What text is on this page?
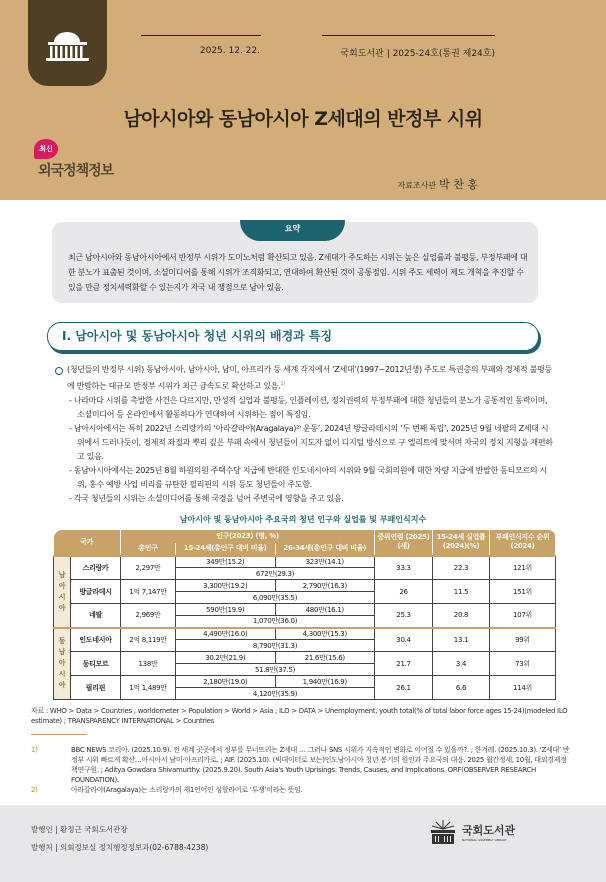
2025. 12. 22.	국회도서관 | 2025-24호(통권 제24호)
남아시아와 동남아시아 Z세대의 반정부 시위
최신
외국정책정보
자료조사관 박 찬 홍
최근 남아시아와 동남아시아에서 반정부 시위가 도미노처럼 확산되고 있음. Z세대가 주도하는 시위는 높은 실업률과 불평등, 부정부패에 대한 분노가 표출된 것이며, 소셜미디어를 통해 시위가 조직화되고, 연대하여 확산된 것이 공통점임. 시위 주도 세력이 제도 개혁을 추진할 수 있을 만큼 정치세력화할 수 있는지가 자국 내 쟁점으로 남아 있음.
요약
Ⅰ. 남아시아 및 동남아시아 청년 시위의 배경과 특징
(청년들의 반정부 시위) 동남아시아, 남아시아, 남미, 아프리카 등 세계 각지에서 ‘Z세대’(1997~2012년생) 주도로 특권층의 부패와 경제적 불평등에 반발하는 대규모 반정부 시위가 최근 급속도로 확산하고 있음.$^{1)}$
- 나라마다 시위를 촉발한 사건은 다르지만, 만성적 실업과 불평등, 인플레이션, 정치권력의 부정부패에 대한 청년들의 분노가 공통적인 동력이며, 소셜미디어 등 온라인에서 활동하다가 연대하여 시위하는 점이 특징임.
- 남아시아에서는 특히 2022년 스리랑카의 ‘아라갈라야(Aragalaya)²⁾ 운동’, 2024년 방글라데시의 ‘두 번째 독립’, 2025년 9월 네팔의 Z세대 시위에서 드러나듯이, 경제적 좌절과 뿌리 깊은 부패 속에서 청년들이 지도자 없이 디지털 방식으로 구 엘리트에 맞서며 자국의 정치 지형을 재편하고 있음.
- 동남아시아에서는 2025년 8월 하원의원 주택수당 지급에 반대한 인도네시아의 시위와 9월 국회의원에 대한 차량 지급에 반발한 동티모르의 시위, 홍수 예방 사업 비리를 규탄한 필리핀의 시위 등도 청년들이 주도함.
- 각국 청년들의 시위는 소셜미디어를 통해 국경을 넘어 주변국에 영향을 주고 있음.
남아시아 및 동남아시아 주요국의 청년 인구와 실업률 및 부패인식지수
국가		인구(2023) (명, %)			중위연령 (2025)(세)	15-24세 실업률 (2024)(%)	부패인식지수 순위(2024)
		총인구	15-24세(총인구 대비 비율)	26-34세(총인구 대비 비율)			

남
아
시
아	스리랑카	2,297만	349만(15.2)	323만(14.1)	33.3	22.3	121위
			672만(29.3)				
	방글라데시	1억 7,147만	3,300만(19.2)	2,790만(16.3)	26	11.5	151위
			6,090만(35.5)				
	네팔	2,969만	590만(19.9)	480만(16.1)	25.3	20.8	107위
			1,070만(36.0)				

동
남
아
시
아	인도네시아	2억 8,119만	4,490만(16.0)	4,300만(15.3)	30.4	13.1	99위
			8,790만(31.3)				
	동티모르	138만	30.2만(21.9)	21.6만(15.6)	21.7	3.4	73위
			51.8만(37.5)				
	필리핀	1억 1,489만	2,180만(19.0)	1,940만(16.9)	26.1	6.6	114위
			4,120만(35.9)				
자료 : WHO > Data > Countries ; worldometer > Population > World > Asia ; ILO > DATA > Unemployment, youth total(% of total labor force ages 15-24)(modeled ILO estimate) ; TRANSPARENCY INTERNATIONAL > Countries
1)	BBC NEWS 코리아. (2025.10.9). 전 세계 곳곳에서 정부를 무너뜨리는 Z세대 … 그러나 SNS 시위가 지속적인 변화로 이어질 수 있을까?. ; 한겨레. (2025.10.3). ‘Z세대’ 반정부 시위 빠르게 확산…아시아서 남미·아프리카로. ; AIF. (2025.10). (빅데이터로 보는)인도남아시아 청년 봉기의 원인과 주요국의 대응. 2025 월간정세, 10월, 대외경제정책연구원. ; Aditya Gowdara Shivamurthy. (2025.9.20). South Asia's Youth Uprisings: Trends, Causes, and Implications. ORF(OBSERVER RESEARCH FOUNDATION).
2)	아라갈라야(Aragalaya)는 스리랑카의 제1언어인 싱할라어로 ‘투쟁’이라는 뜻임.
발행인 | 황정근 국회도서관장
발행처 | 의회정보실 정치행정정보과(02-6788-4238)
국회도서관
NATIONAL ASSEMBLY LIBRARY
